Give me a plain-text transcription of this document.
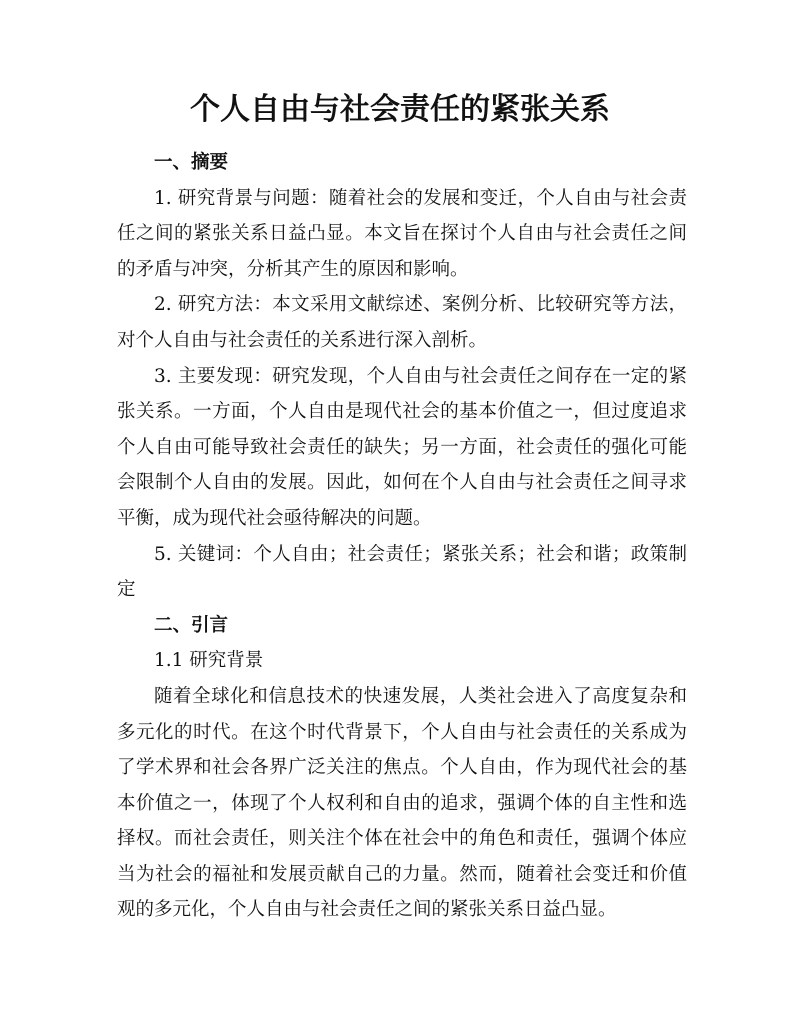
个人自由与社会责任的紧张关系

一、摘要

1. 研究背景与问题：随着社会的发展和变迁，个人自由与社会责任之间的紧张关系日益凸显。本文旨在探讨个人自由与社会责任之间的矛盾与冲突，分析其产生的原因和影响。

2. 研究方法：本文采用文献综述、案例分析、比较研究等方法，对个人自由与社会责任的关系进行深入剖析。

3. 主要发现：研究发现，个人自由与社会责任之间存在一定的紧张关系。一方面，个人自由是现代社会的基本价值之一，但过度追求个人自由可能导致社会责任的缺失；另一方面，社会责任的强化可能会限制个人自由的发展。因此，如何在个人自由与社会责任之间寻求平衡，成为现代社会亟待解决的问题。

5. 关键词：个人自由；社会责任；紧张关系；社会和谐；政策制定

二、引言

1.1 研究背景

随着全球化和信息技术的快速发展，人类社会进入了高度复杂和多元化的时代。在这个时代背景下，个人自由与社会责任的关系成为了学术界和社会各界广泛关注的焦点。个人自由，作为现代社会的基本价值之一，体现了个人权利和自由的追求，强调个体的自主性和选择权。而社会责任，则关注个体在社会中的角色和责任，强调个体应当为社会的福祉和发展贡献自己的力量。然而，随着社会变迁和价值观的多元化，个人自由与社会责任之间的紧张关系日益凸显。
